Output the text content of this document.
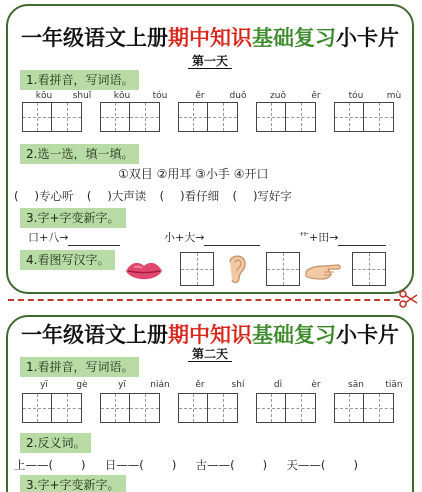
一年级语文上册期中知识基础复习小卡片
第一天
1.看拼音，写词语。
kōu shuǐ kǒu tóu	ěr	duǒ	zuǒ	ěr	tóu	mù
2.选一选，填一填。
①双目 ②用耳 ③小手 ④开口
( )专心听 ( )大声读 ( )看仔细 ( )写好字
3.字+字变新字。
口+八→	小+大→	艹+田→
4.看图写汉字。
一年级语文上册期中知识基础复习小卡片
第二天
1.看拼音，写词语。
yī	gè	yī	nián	ěr	shí	dì	èr	sān tiān
2.反义词。
上——( ) 日——( ) 古——( ) 天——( )
3.字+字变新字。
